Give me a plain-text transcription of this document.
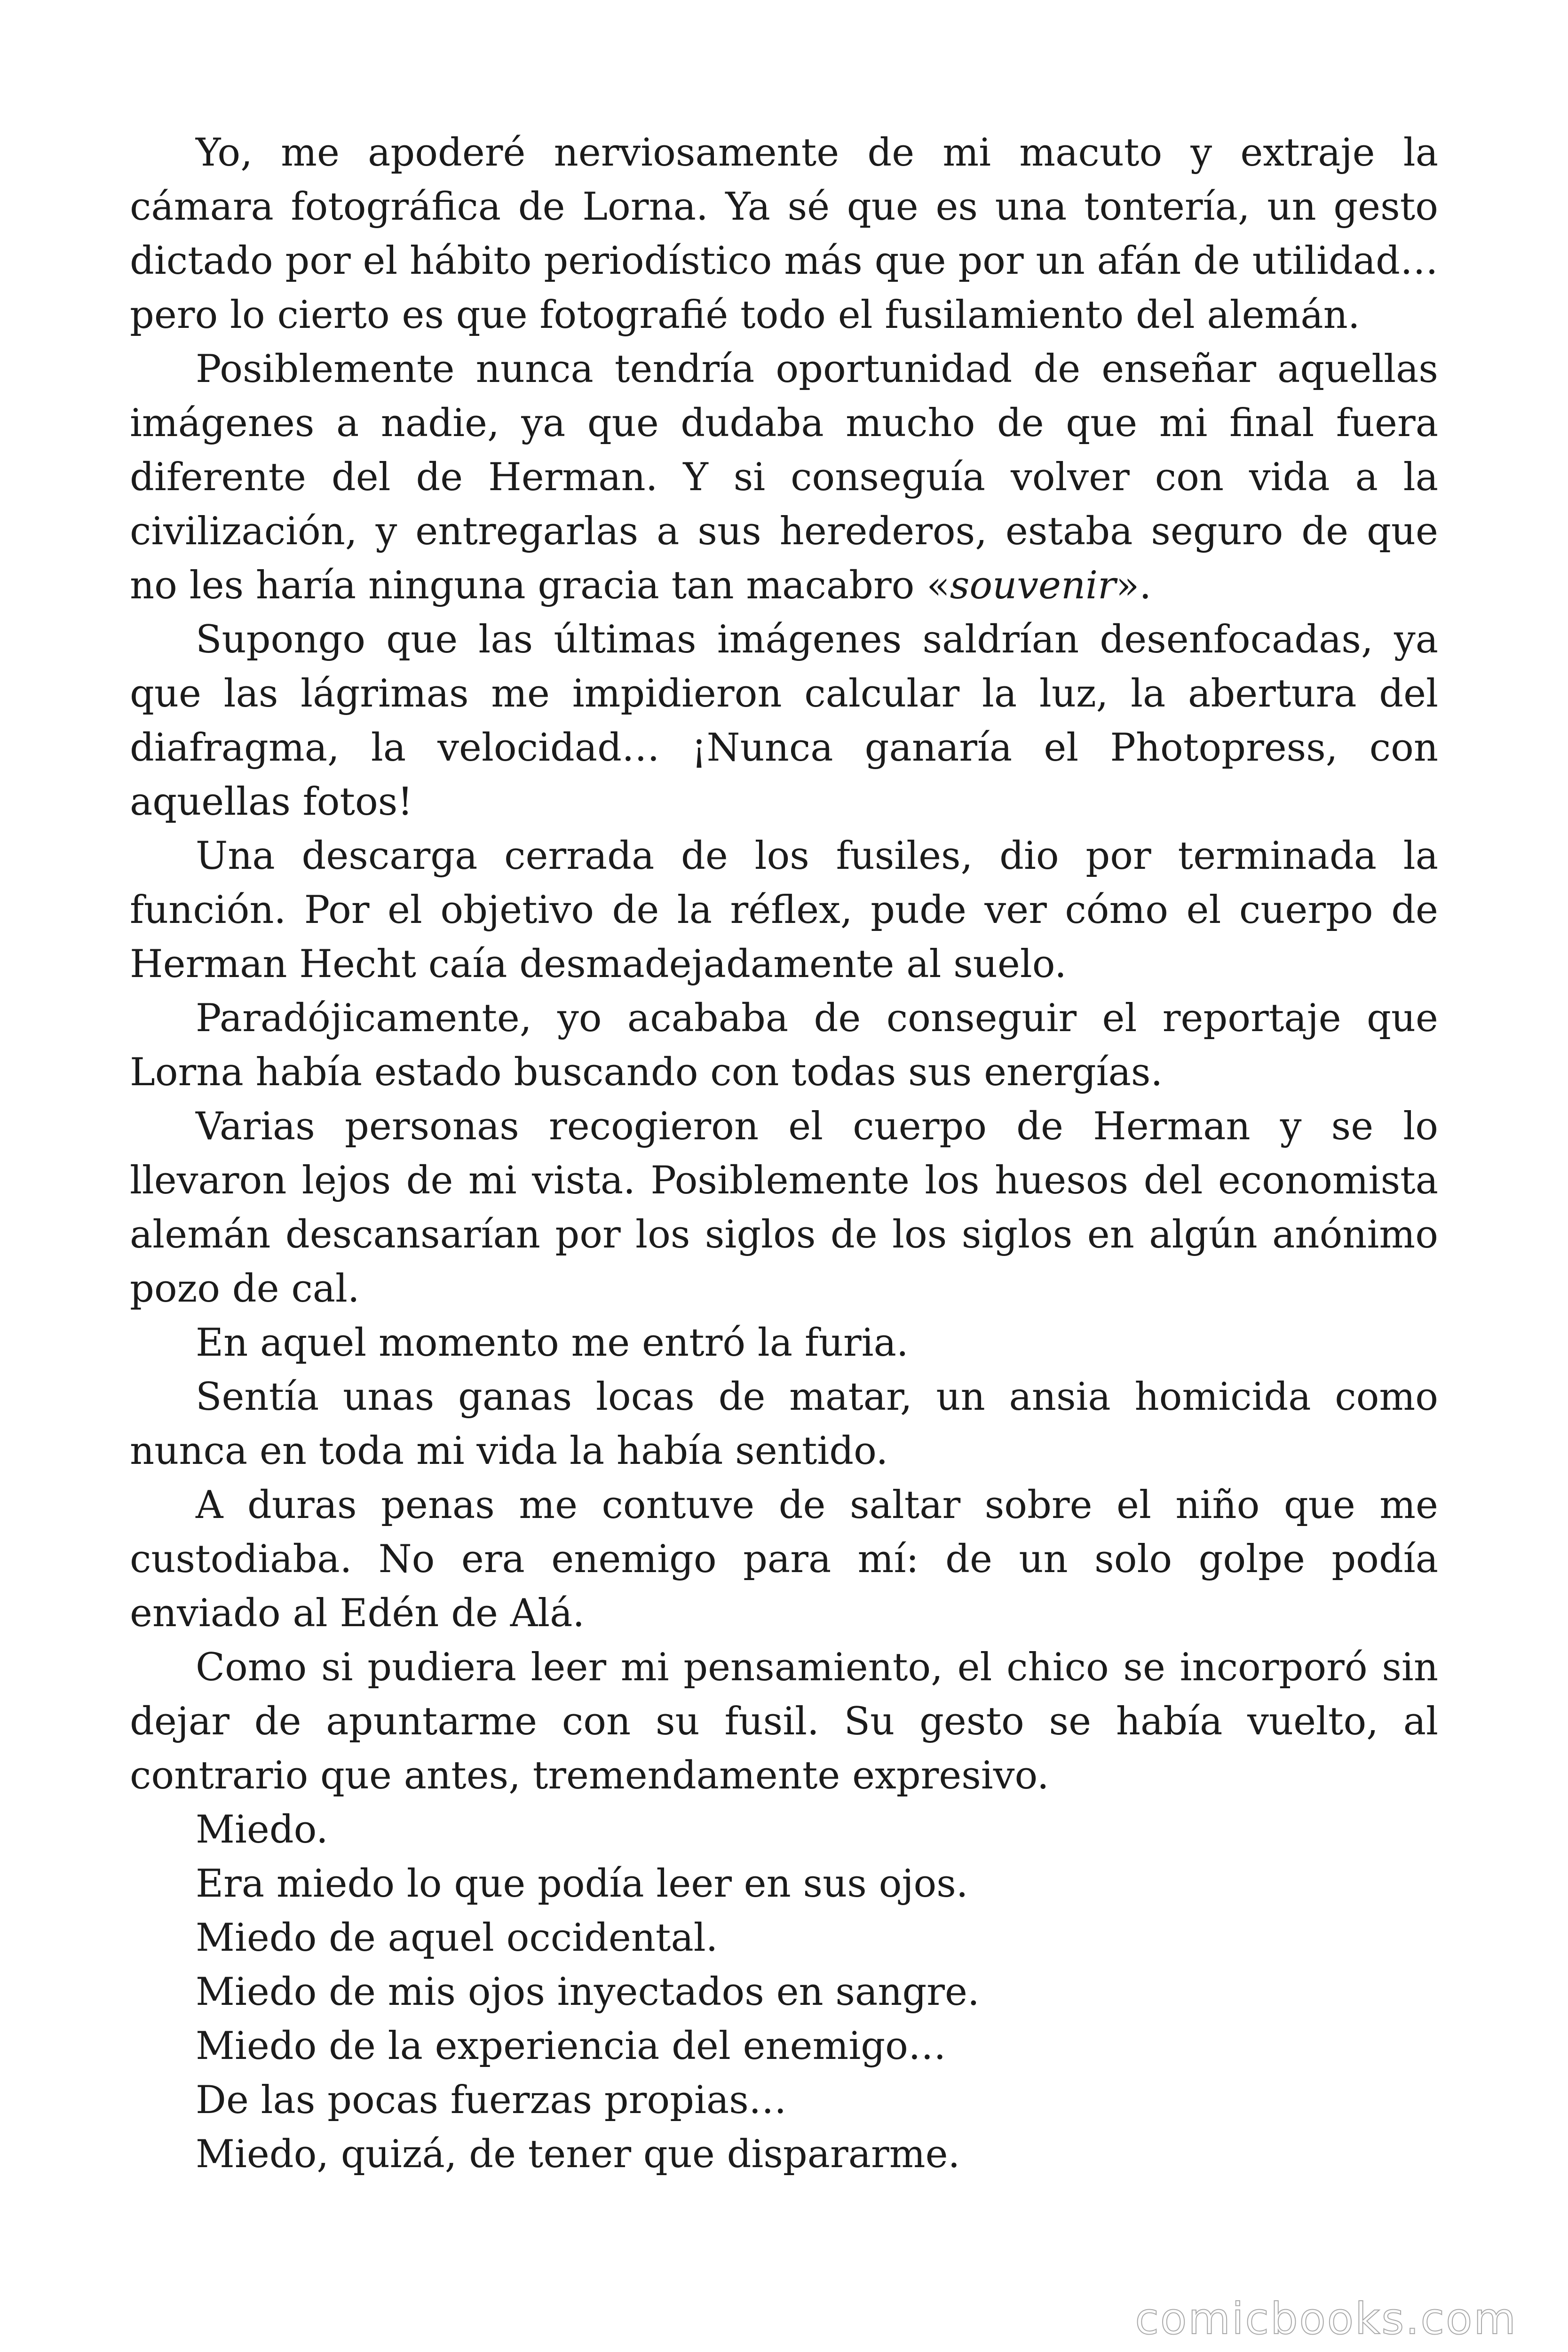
Yo, me apoderé nerviosamente de mi macuto y extraje la cámara fotográfica de Lorna. Ya sé que es una tontería, un gesto dictado por el hábito periodístico más que por un afán de utilidad… pero lo cierto es que fotografié todo el fusilamiento del alemán.

Posiblemente nunca tendría oportunidad de enseñar aquellas imágenes a nadie, ya que dudaba mucho de que mi final fuera diferente del de Herman. Y si conseguía volver con vida a la civilización, y entregarlas a sus herederos, estaba seguro de que no les haría ninguna gracia tan macabro «souvenir».

Supongo que las últimas imágenes saldrían desenfocadas, ya que las lágrimas me impidieron calcular la luz, la abertura del diafragma, la velocidad… ¡Nunca ganaría el Photopress, con aquellas fotos!

Una descarga cerrada de los fusiles, dio por terminada la función. Por el objetivo de la réflex, pude ver cómo el cuerpo de Herman Hecht caía desmadejadamente al suelo.

Paradójicamente, yo acababa de conseguir el reportaje que Lorna había estado buscando con todas sus energías.

Varias personas recogieron el cuerpo de Herman y se lo llevaron lejos de mi vista. Posiblemente los huesos del economista alemán descansarían por los siglos de los siglos en algún anónimo pozo de cal.

En aquel momento me entró la furia.

Sentía unas ganas locas de matar, un ansia homicida como nunca en toda mi vida la había sentido.

A duras penas me contuve de saltar sobre el niño que me custodiaba. No era enemigo para mí: de un solo golpe podía enviado al Edén de Alá.

Como si pudiera leer mi pensamiento, el chico se incorporó sin dejar de apuntarme con su fusil. Su gesto se había vuelto, al contrario que antes, tremendamente expresivo.

Miedo.

Era miedo lo que podía leer en sus ojos.

Miedo de aquel occidental.

Miedo de mis ojos inyectados en sangre.

Miedo de la experiencia del enemigo…

De las pocas fuerzas propias…

Miedo, quizá, de tener que dispararme.

comicbooks.com
